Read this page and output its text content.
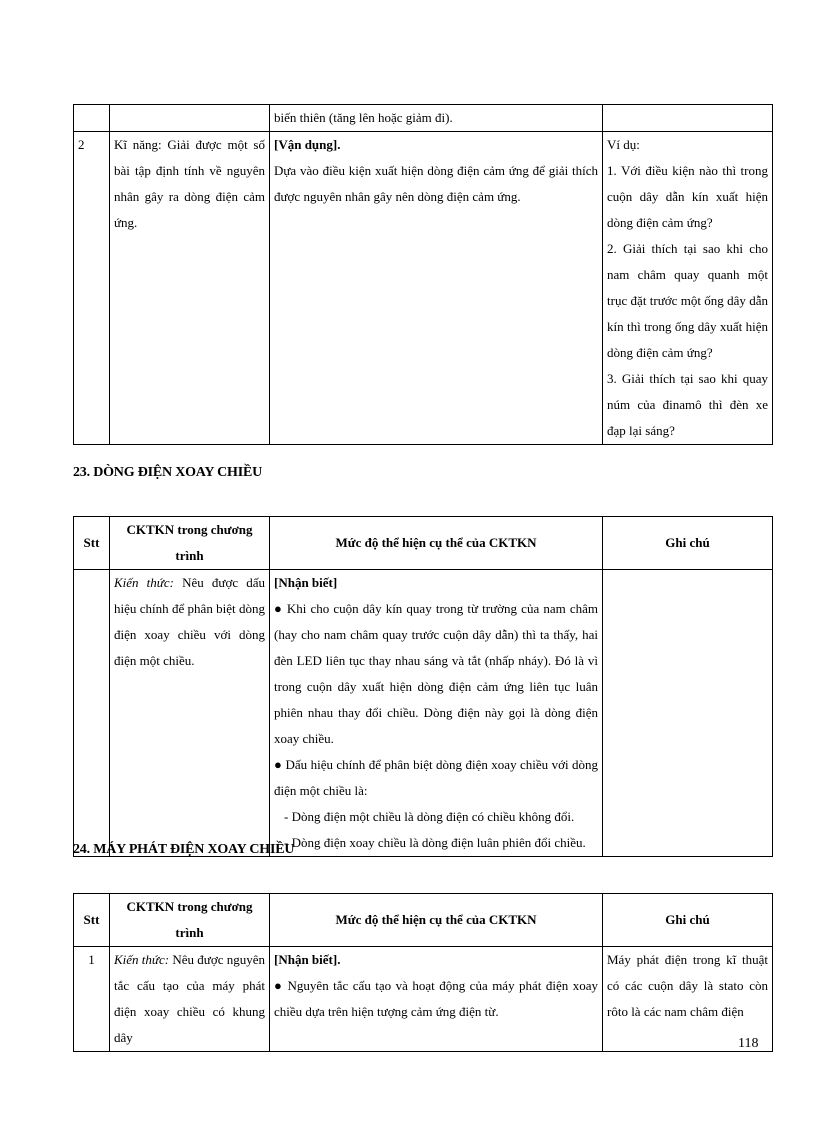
		biến thiên (tăng lên hoặc giảm đi).	
2	Kĩ năng: Giải được một số bài tập định tính về nguyên nhân gây ra dòng điện cảm ứng.	[Vận dụng].
Dựa vào điều kiện xuất hiện dòng điện cảm ứng để giải thích được nguyên nhân gây nên dòng điện cảm ứng.	Ví dụ:
1. Với điều kiện nào thì trong cuộn dây dẫn kín xuất hiện dòng điện cảm ứng?
2. Giải thích tại sao khi cho nam châm quay quanh một trục đặt trước một ống dây dẫn kín thì trong ống dây xuất hiện dòng điện cảm ứng?
3. Giải thích tại sao khi quay núm của đinamô thì đèn xe đạp lại sáng?
23. DÒNG ĐIỆN XOAY CHIỀU
Stt	CKTKN trong chương trình	Mức độ thể hiện cụ thể của CKTKN	Ghi chú
	Kiến thức: Nêu được dấu hiệu chính để phân biệt dòng điện xoay chiều với dòng điện một chiều.	[Nhận biết]
● Khi cho cuộn dây kín quay trong từ trường của nam châm (hay cho nam châm quay trước cuộn dây dẫn) thì ta thấy, hai đèn LED liên tục thay nhau sáng và tắt (nhấp nháy). Đó là vì trong cuộn dây xuất hiện dòng điện cảm ứng liên tục luân phiên nhau thay đổi chiều. Dòng điện này gọi là dòng điện xoay chiều.
● Dấu hiệu chính để phân biệt dòng điện xoay chiều với dòng điện một chiều là:
- Dòng điện một chiều là dòng điện có chiều không đổi.
- Dòng điện xoay chiều là dòng điện luân phiên đổi chiều.	

24. MÁY PHÁT ĐIỆN XOAY CHIỀU
Stt	CKTKN trong chương trình	Mức độ thể hiện cụ thể của CKTKN	Ghi chú
1	Kiến thức: Nêu được nguyên tắc cấu tạo của máy phát điện xoay chiều có khung dây	[Nhận biết].
● Nguyên tắc cấu tạo và hoạt động của máy phát điện xoay chiều dựa trên hiện tượng cảm ứng điện từ.	Máy phát điện trong kĩ thuật có các cuộn dây là stato còn rôto là các nam châm điện
118
